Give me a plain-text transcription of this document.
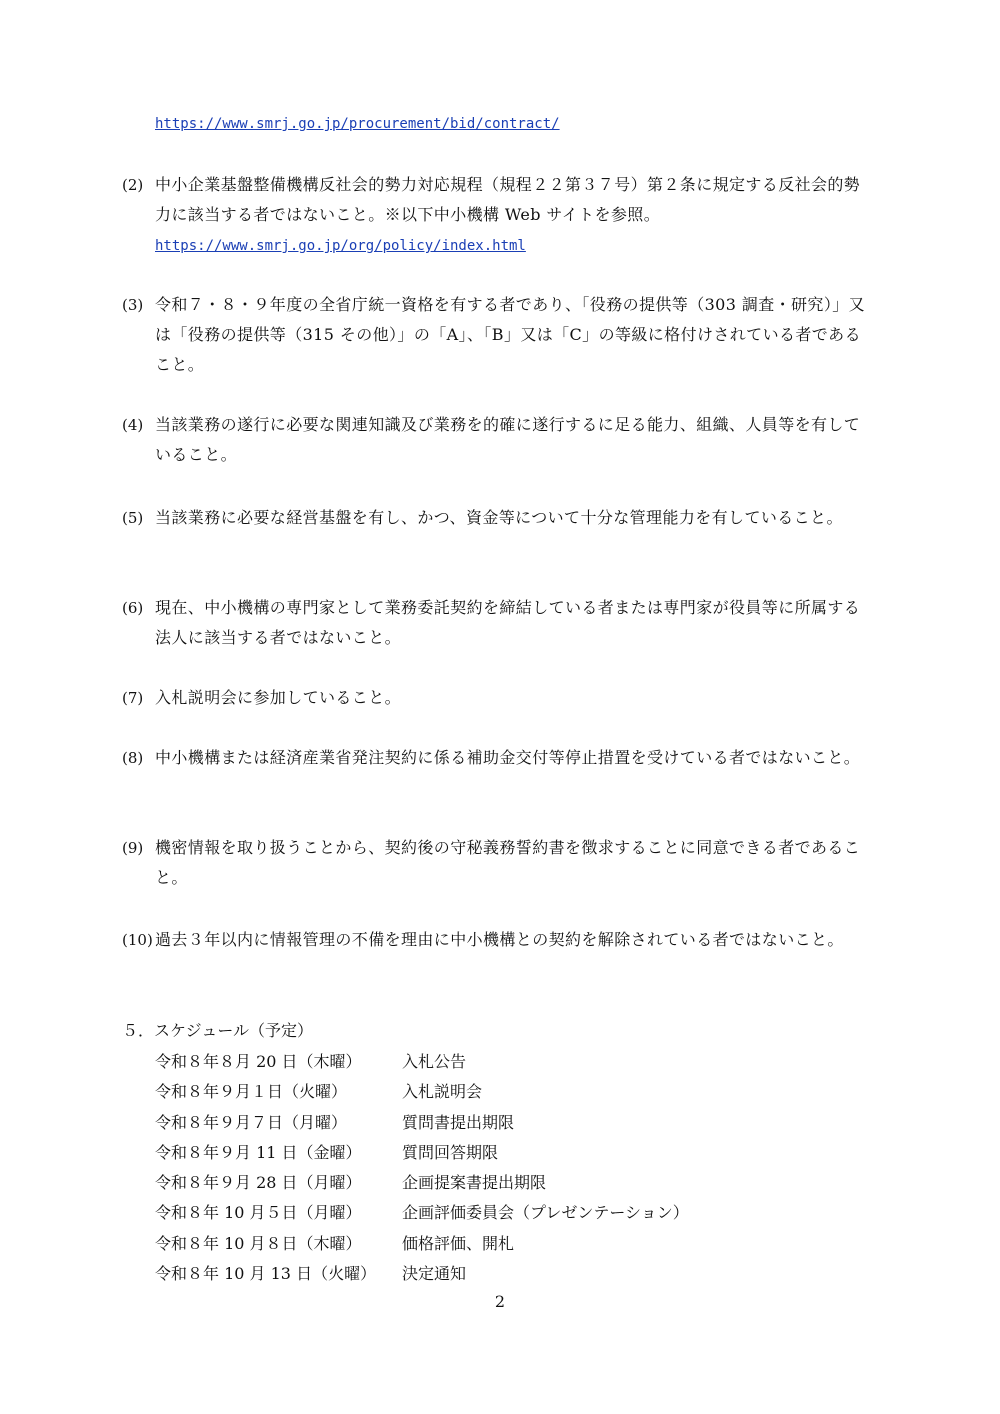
https://www.smrj.go.jp/procurement/bid/contract/
(2) 中小企業基盤整備機構反社会的勢力対応規程（規程２２第３７号）第２条に規定する反社会的勢力に該当する者ではないこと。※以下中小機構 Web サイトを参照。
https://www.smrj.go.jp/org/policy/index.html
(3) 令和７・８・９年度の全省庁統一資格を有する者であり、「役務の提供等（303 調査・研究）」又は「役務の提供等（315 その他）」の「A」、「B」又は「C」の等級に格付けされている者であること。
(4) 当該業務の遂行に必要な関連知識及び業務を的確に遂行するに足る能力、組織、人員等を有していること。
(5) 当該業務に必要な経営基盤を有し、かつ、資金等について十分な管理能力を有していること。
(6) 現在、中小機構の専門家として業務委託契約を締結している者または専門家が役員等に所属する法人に該当する者ではないこと。
(7) 入札説明会に参加していること。
(8) 中小機構または経済産業省発注契約に係る補助金交付等停止措置を受けている者ではないこと。
(9) 機密情報を取り扱うことから、契約後の守秘義務誓約書を徴求することに同意できる者であること。
(10) 過去３年以内に情報管理の不備を理由に中小機構との契約を解除されている者ではないこと。
５．スケジュール（予定）
令和８年８月 20 日（木曜）	入札公告
令和８年９月１日（火曜）	入札説明会
令和８年９月７日（月曜）	質問書提出期限
令和８年９月 11 日（金曜）	質問回答期限
令和８年９月 28 日（月曜）	企画提案書提出期限
令和８年 10 月５日（月曜）	企画評価委員会（プレゼンテーション）
令和８年 10 月８日（木曜）	価格評価、開札
令和８年 10 月 13 日（火曜）	決定通知
2
